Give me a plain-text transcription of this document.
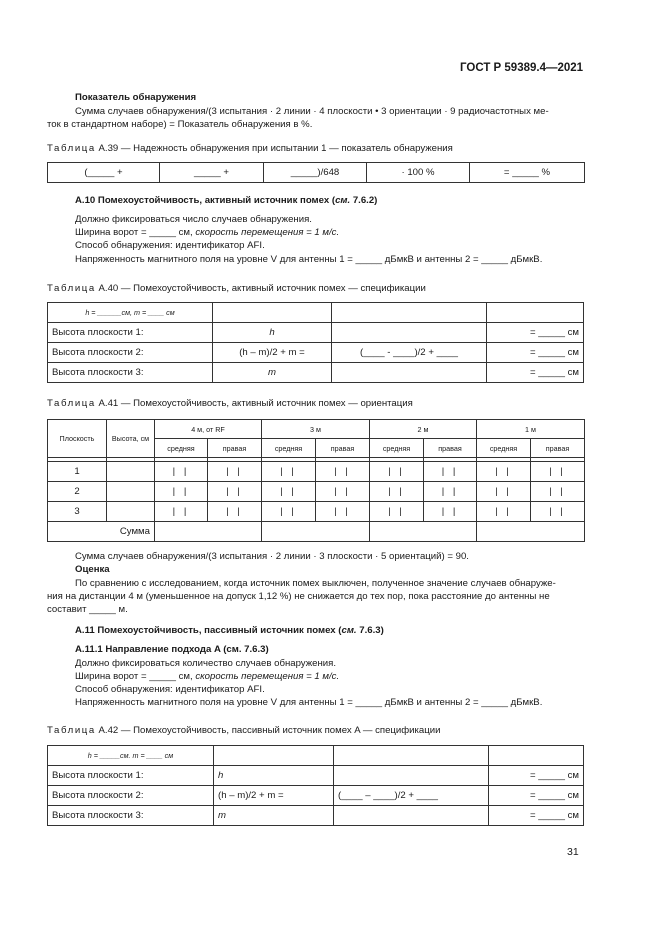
ГОСТ Р 59389.4—2021

Показатель обнаружения

Сумма случаев обнаружения/(3 испытания · 2 линии · 4 плоскости • 3 ориентации · 9 радиочастотных ме-

ток в стандартном наборе) = Показатель обнаружения в %.

Таблица A.39 — Надежность обнаружения при испытании 1 — показатель обнаружения

(_____ +	_____ +	_____)/648	· 100 %	= _____ %

A.10 Помехоустойчивость, активный источник помех (см. 7.6.2)

Должно фиксироваться число случаев обнаружения.

Ширина ворот = _____ см, скорость перемещения = 1 м/с.

Способ обнаружения: идентификатор AFI.

Напряженность магнитного поля на уровне V для антенны 1 = _____ дБмкВ и антенны 2 = _____ дБмкВ.

Таблица A.40 — Помехоустойчивость, активный источник помех — спецификации

h = ______см, m = ____ см			
Высота плоскости 1:	h		= _____ см
Высота плоскости 2:	(h – m)/2 + m =	(____ - ____)/2 + ____	= _____ см
Высота плоскости 3:	m		= _____ см

Таблица A.41 — Помехоустойчивость, активный источник помех — ориентация

Плоскость	Высота, см	4 м, от RF		3 м		2 м		1 м	
		средняя	правая	средняя	правая	средняя	правая	средняя	правая

1		| |	| |	| |	| |	| |	| |	| |	| |
2		| |	| |	| |	| |	| |	| |	| |	| |
3		| |	| |	| |	| |	| |	| |	| |	| |
Сумма									

Сумма случаев обнаружения/(3 испытания · 2 линии · 3 плоскости · 5 ориентаций) = 90.

Оценка

По сравнению с исследованием, когда источник помех выключен, полученное значение случаев обнаруже-

ния на дистанции 4 м (уменьшенное на допуск 1,12 %) не снижается до тех пор, пока расстояние до антенны не

составит _____ м.

A.11 Помехоустойчивость, пассивный источник помех (см. 7.6.3)

A.11.1 Направление подхода A (см. 7.6.3)

Должно фиксироваться количество случаев обнаружения.

Ширина ворот = _____ см, скорость перемещения = 1 м/с.

Способ обнаружения: идентификатор AFI.

Напряженность магнитного поля на уровне V для антенны 1 = _____ дБмкВ и антенны 2 = _____ дБмкВ.

Таблица A.42 — Помехоустойчивость, пассивный источник помех A — спецификации

h = _____см. m = ____ см			
Высота плоскости 1:	h		= _____ см
Высота плоскости 2:	(h – m)/2 + m =	(____ – ____)/2 + ____	= _____ см
Высота плоскости 3:	m		= _____ см
31
